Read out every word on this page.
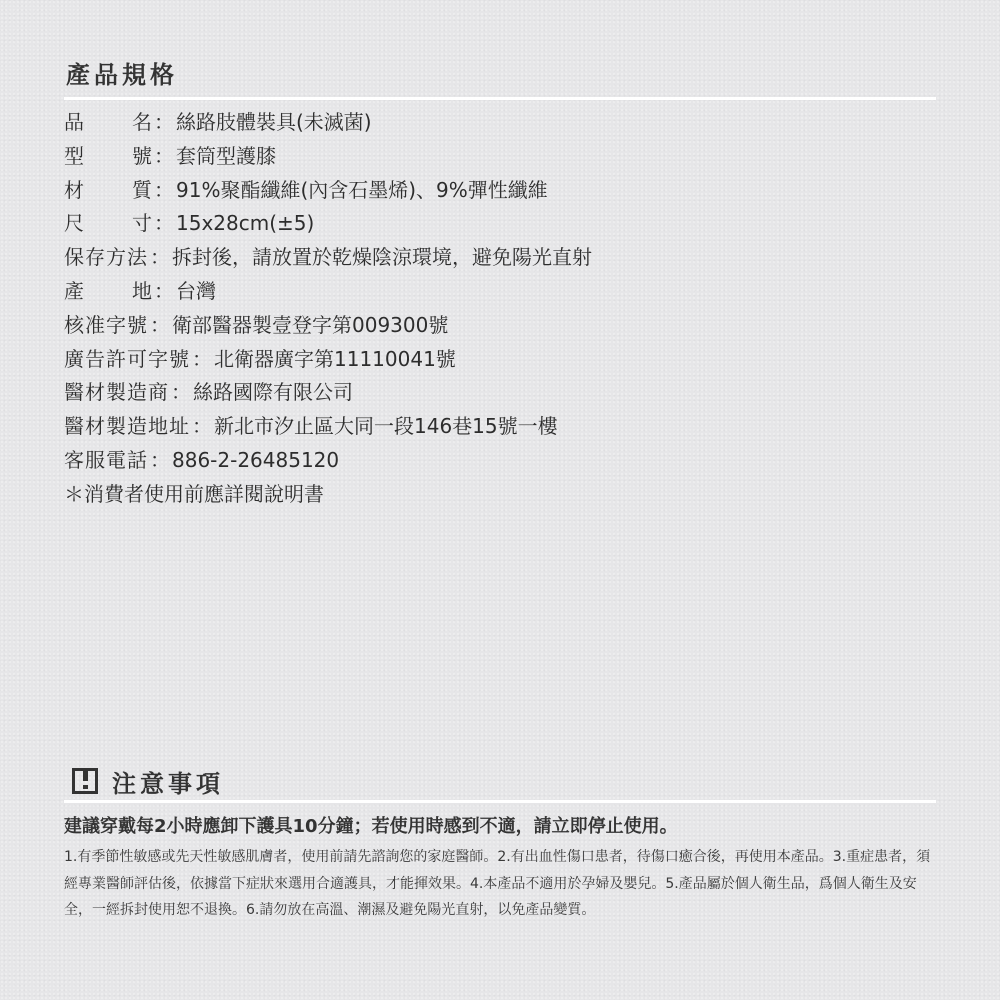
產品規格
品 名 ： 絲路肢體裝具(未滅菌)
型 號 ： 套筒型護膝
材 質 ： 91%聚酯纖維(內含石墨烯)、9%彈性纖維
尺 寸 ： 15x28cm(±5)
保存方法 ： 拆封後，請放置於乾燥陰涼環境，避免陽光直射
產 地 ： 台灣
核准字號 ： 衛部醫器製壹登字第009300號
廣告許可字號 ： 北衛器廣字第11110041號
醫材製造商 ： 絲路國際有限公司
醫材製造地址 ： 新北市汐止區大同一段146巷15號一樓
客服電話 ： 886-2-26485120
＊消費者使用前應詳閱說明書
注意事項
建議穿戴每2小時應卸下護具10分鐘；若使用時感到不適，請立即停止使用。
1.有季節性敏感或先天性敏感肌膚者，使用前請先諮詢您的家庭醫師。2.有出血性傷口患者，待傷口癒合後，再使用本產品。3.重症患者，須經專業醫師評估後，依據當下症狀來選用合適護具，才能揮效果。4.本產品不適用於孕婦及嬰兒。5.產品屬於個人衛生品，爲個人衛生及安全，一經拆封使用恕不退換。6.請勿放在高溫、潮濕及避免陽光直射，以免產品變質。
